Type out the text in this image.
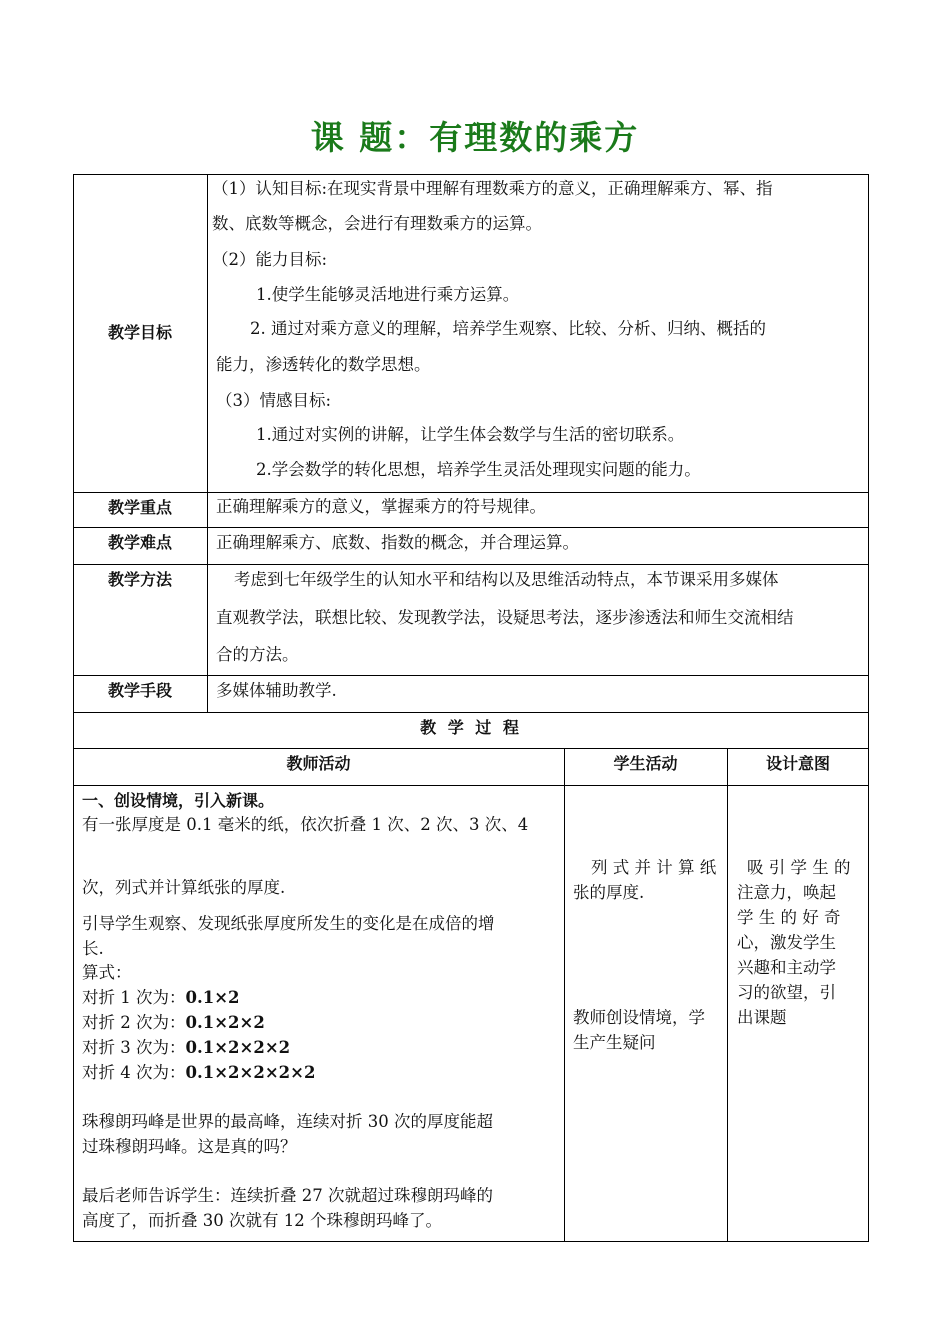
课 题：有理数的乘方
教学目标
教学重点
教学难点
教学方法
教学手段
（1）认知目标:在现实背景中理解有理数乘方的意义，正确理解乘方、幂、指
数、底数等概念，会进行有理数乘方的运算。
（2）能力目标:
1.使学生能够灵活地进行乘方运算。
2. 通过对乘方意义的理解，培养学生观察、比较、分析、归纳、概括的
能力，渗透转化的数学思想。
（3）情感目标:
1.通过对实例的讲解，让学生体会数学与生活的密切联系。
2.学会数学的转化思想，培养学生灵活处理现实问题的能力。
正确理解乘方的意义，掌握乘方的符号规律。
正确理解乘方、底数、指数的概念，并合理运算。
考虑到七年级学生的认知水平和结构以及思维活动特点，本节课采用多媒体
直观教学法，联想比较、发现教学法，设疑思考法，逐步渗透法和师生交流相结
合的方法。
多媒体辅助教学.
教 学 过 程
教师活动	学生活动	设计意图
一、创设情境，引入新课。
有一张厚度是 0.1 毫米的纸，依次折叠 1 次、2 次、3 次、4
次，列式并计算纸张的厚度.
引导学生观察、发现纸张厚度所发生的变化是在成倍的增
长.
算式：
对折 1 次为：0.1×2
对折 2 次为：0.1×2×2
对折 3 次为：0.1×2×2×2
对折 4 次为：0.1×2×2×2×2
珠穆朗玛峰是世界的最高峰，连续对折 30 次的厚度能超
过珠穆朗玛峰。这是真的吗？
最后老师告诉学生：连续折叠 27 次就超过珠穆朗玛峰的
高度了，而折叠 30 次就有 12 个珠穆朗玛峰了。
列 式 并 计 算 纸
张的厚度.
教师创设情境，学
生产生疑问
吸 引 学 生 的
注意力，唤起
学 生 的 好 奇
心，激发学生
兴趣和主动学
习的欲望，引
出课题
